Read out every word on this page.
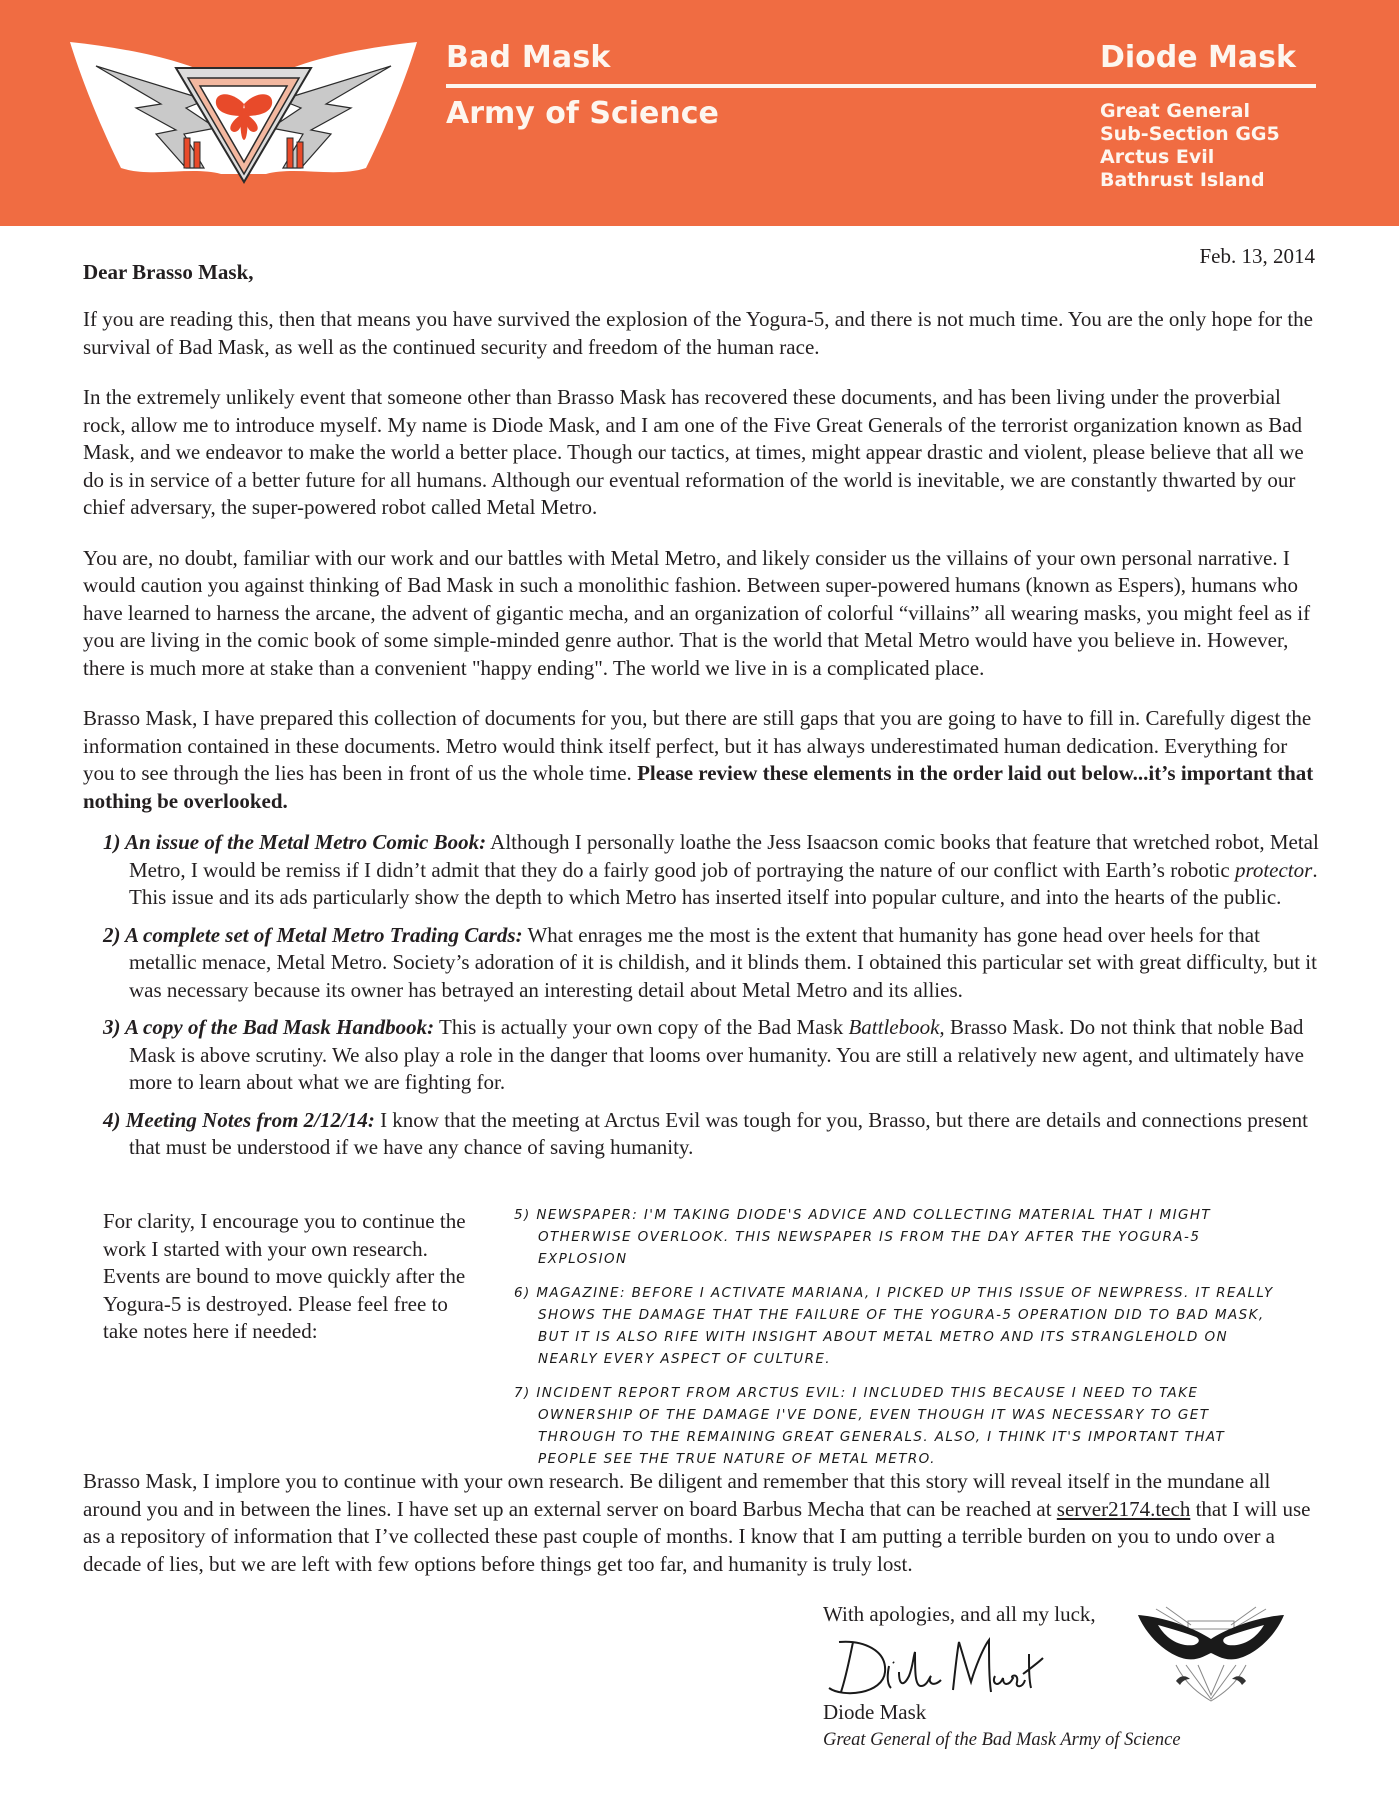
Bad Mask
Army of Science
Diode Mask
Great General
Sub-Section GG5
Arctus Evil
Bathrust Island
Feb. 13, 2014
Dear Brasso Mask,

If you are reading this, then that means you have survived the explosion of the Yogura-5, and there is not much time. You are the only hope for the survival of Bad Mask, as well as the continued security and freedom of the human race.

In the extremely unlikely event that someone other than Brasso Mask has recovered these documents, and has been living under the proverbial rock, allow me to introduce myself. My name is Diode Mask, and I am one of the Five Great Generals of the terrorist organization known as Bad Mask, and we endeavor to make the world a better place. Though our tactics, at times, might appear drastic and violent, please believe that all we do is in service of a better future for all humans. Although our eventual reformation of the world is inevitable, we are constantly thwarted by our chief adversary, the super-powered robot called Metal Metro.

You are, no doubt, familiar with our work and our battles with Metal Metro, and likely consider us the villains of your own personal narrative. I would caution you against thinking of Bad Mask in such a monolithic fashion. Between super-powered humans (known as Espers), humans who have learned to harness the arcane, the advent of gigantic mecha, and an organization of colorful “villains” all wearing masks, you might feel as if you are living in the comic book of some simple-minded genre author. That is the world that Metal Metro would have you believe in. However, there is much more at stake than a convenient "happy ending". The world we live in is a complicated place.

Brasso Mask, I have prepared this collection of documents for you, but there are still gaps that you are going to have to fill in. Carefully digest the information contained in these documents. Metro would think itself perfect, but it has always underestimated human dedication. Everything for you to see through the lies has been in front of us the whole time. Please review these elements in the order laid out below...it’s important that nothing be overlooked.

1) An issue of the Metal Metro Comic Book: Although I personally loathe the Jess Isaacson comic books that feature that wretched robot, Metal Metro, I would be remiss if I didn’t admit that they do a fairly good job of portraying the nature of our conflict with Earth’s robotic protector. This issue and its ads particularly show the depth to which Metro has inserted itself into popular culture, and into the hearts of the public.
2) A complete set of Metal Metro Trading Cards: What enrages me the most is the extent that humanity has gone head over heels for that metallic menace, Metal Metro. Society’s adoration of it is childish, and it blinds them. I obtained this particular set with great difficulty, but it was necessary because its owner has betrayed an interesting detail about Metal Metro and its allies.
3) A copy of the Bad Mask Handbook: This is actually your own copy of the Bad Mask Battlebook, Brasso Mask. Do not think that noble Bad Mask is above scrutiny. We also play a role in the danger that looms over humanity. You are still a relatively new agent, and ultimately have more to learn about what we are fighting for.
4) Meeting Notes from 2/12/14: I know that the meeting at Arctus Evil was tough for you, Brasso, but there are details and connections present that must be understood if we have any chance of saving humanity.
For clarity, I encourage you to continue the work I started with your own research. Events are bound to move quickly after the Yogura-5 is destroyed. Please feel free to take notes here if needed:
5) NEWSPAPER: I'M TAKING DIODE'S ADVICE AND COLLECTING MATERIAL THAT I MIGHT OTHERWISE OVERLOOK. THIS NEWSPAPER IS FROM THE DAY AFTER THE YOGURA-5 EXPLOSION
6) MAGAZINE: BEFORE I ACTIVATE MARIANA, I PICKED UP THIS ISSUE OF NEWPRESS. IT REALLY SHOWS THE DAMAGE THAT THE FAILURE OF THE YOGURA-5 OPERATION DID TO BAD MASK, BUT IT IS ALSO RIFE WITH INSIGHT ABOUT METAL METRO AND ITS STRANGLEHOLD ON NEARLY EVERY ASPECT OF CULTURE.
7) INCIDENT REPORT FROM ARCTUS EVIL: I INCLUDED THIS BECAUSE I NEED TO TAKE OWNERSHIP OF THE DAMAGE I'VE DONE, EVEN THOUGH IT WAS NECESSARY TO GET THROUGH TO THE REMAINING GREAT GENERALS. ALSO, I THINK IT'S IMPORTANT THAT PEOPLE SEE THE TRUE NATURE OF METAL METRO.
Brasso Mask, I implore you to continue with your own research. Be diligent and remember that this story will reveal itself in the mundane all around you and in between the lines. I have set up an external server on board Barbus Mecha that can be reached at server2174.tech that I will use as a repository of information that I’ve collected these past couple of months. I know that I am putting a terrible burden on you to undo over a decade of lies, but we are left with few options before things get too far, and humanity is truly lost.
With apologies, and all my luck,
Diode Mask
Great General of the Bad Mask Army of Science
